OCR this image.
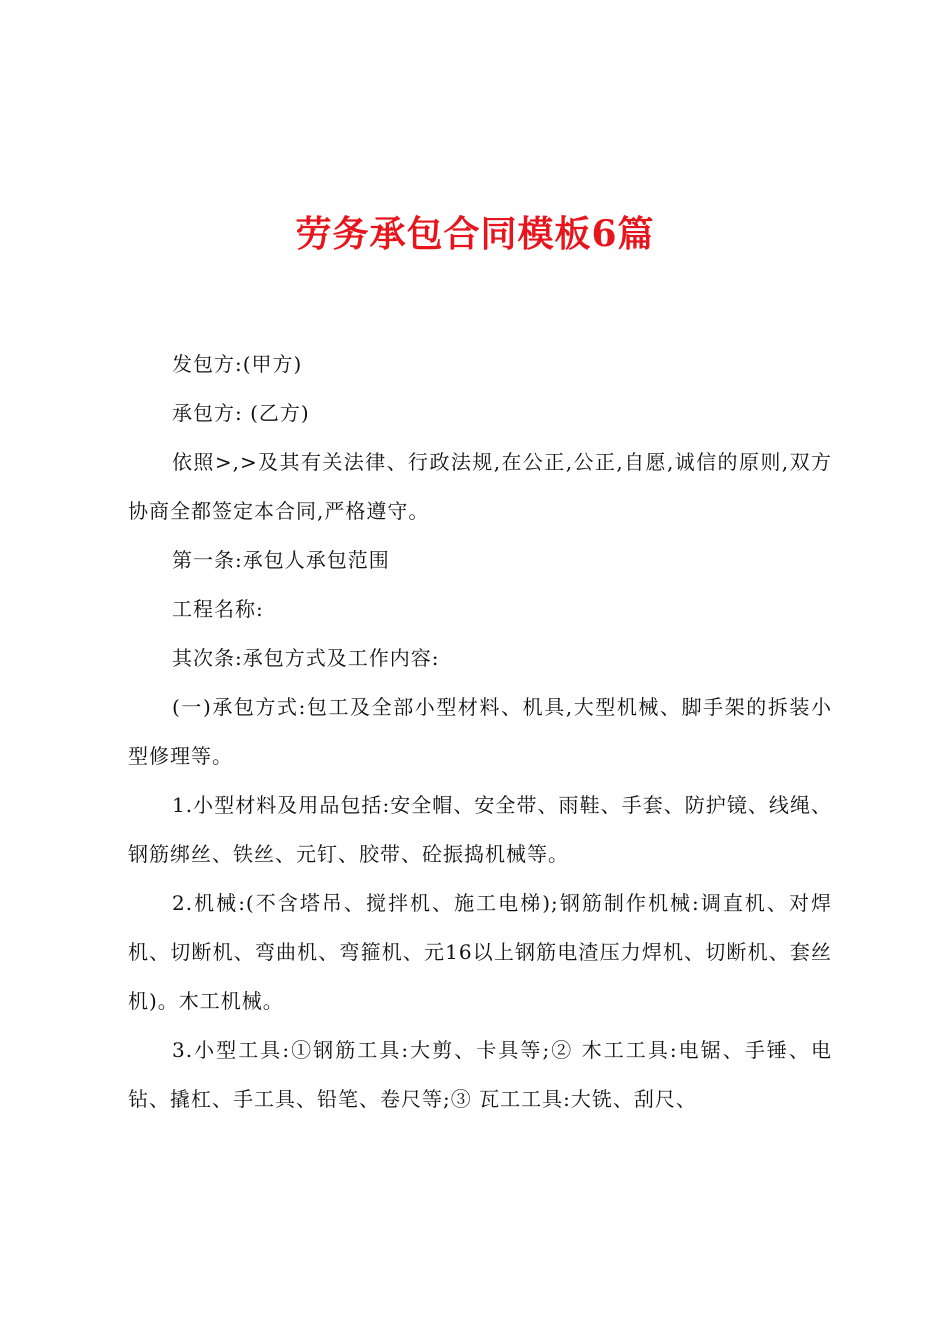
劳务承包合同模板6篇

发包方:(甲方)

承包方: (乙方)

依照>,>及其有关法律、行政法规,在公正,公正,自愿,诚信的原则,双方协商全都签定本合同,严格遵守。

第一条:承包人承包范围

工程名称:

其次条:承包方式及工作内容:

(一)承包方式:包工及全部小型材料、机具,大型机械、脚手架的拆装小型修理等。

1.小型材料及用品包括:安全帽、安全带、雨鞋、手套、防护镜、线绳、钢筋绑丝、铁丝、元钉、胶带、砼振捣机械等。

2.机械:(不含塔吊、搅拌机、施工电梯);钢筋制作机械:调直机、对焊机、切断机、弯曲机、弯箍机、元16以上钢筋电渣压力焊机、切断机、套丝机)。木工机械。

3.小型工具:①钢筋工具:大剪、卡具等;② 木工工具:电锯、手锤、电钻、撬杠、手工具、铅笔、卷尺等;③ 瓦工工具:大铣、刮尺、
